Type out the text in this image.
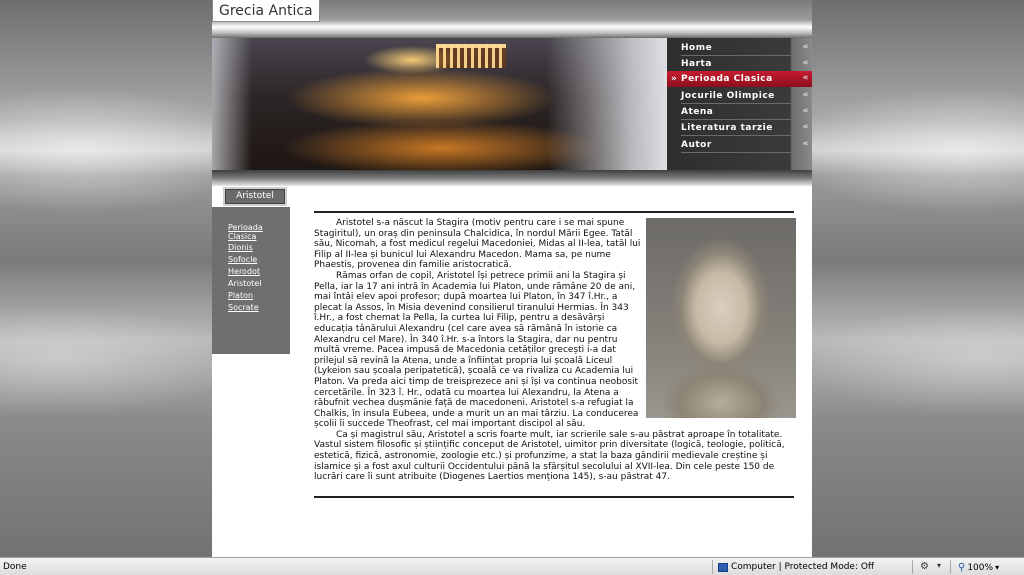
Grecia Antica
Home	«
Harta	«
» Perioada Clasica	«
Jocurile Olimpice	«
Atena	«
Literatura tarzie	«
Autor	«
Aristotel
Perioada Clasica
Dionis
Sofocle
Herodot
Aristotel
Platon
Socrate

Aristotel s-a născut la Stagira (motiv pentru care i se mai spune Stagiritul), un oraș din peninsula Chalcidica, în nordul Mării Egee. Tatăl său, Nicomah, a fost medicul regelui Macedoniei, Midas al II-lea, tatăl lui Filip al II-lea și bunicul lui Alexandru Macedon. Mama sa, pe nume Phaestis, provenea din familie aristocratică.

Rămas orfan de copil, Aristotel își petrece primii ani la Stagira și Pella, iar la 17 ani intră în Academia lui Platon, unde rămâne 20 de ani, mai întâi elev apoi profesor; după moartea lui Platon, în 347 î.Hr., a plecat la Assos, în Misia devenind consilierul tiranului Hermias. În 343 î.Hr., a fost chemat la Pella, la curtea lui Filip, pentru a desăvârși educația tânărului Alexandru (cel care avea să rămână în istorie ca Alexandru cel Mare). În 340 î.Hr. s-a întors la Stagira, dar nu pentru multă vreme. Pacea impusă de Macedonia cetăților grecești i-a dat prilejul să revină la Atena, unde a înființat propria lui școală Liceul (Lykeion sau școala peripatetică), școală ce va rivaliza cu Academia lui Platon. Va preda aici timp de treisprezece ani și își va continua neobosit cercetările. În 323 î. Hr., odată cu moartea lui Alexandru, la Atena a răbufnit vechea dușmănie față de macedoneni. Aristotel s-a refugiat la Chalkis, în insula Eubeea, unde a murit un an mai târziu. La conducerea școlii îi succede Theofrast, cel mai important discipol al său.

Ca și magistrul său, Aristotel a scris foarte mult, iar scrierile sale s-au păstrat aproape în totalitate. Vastul sistem filosofic și științific conceput de Aristotel, uimitor prin diversitate (logică, teologie, politică, estetică, fizică, astronomie, zoologie etc.) și profunzime, a stat la baza gândirii medievale creștine și islamice și a fost axul culturii Occidentului până la sfârșitul secolului al XVII-lea. Din cele peste 150 de lucrări care îi sunt atribuite (Diogenes Laertios menționa 145), s-au păstrat 47.

Done	Computer | Protected Mode: Off	⚙ ▾ ⚲ 100% ▾
